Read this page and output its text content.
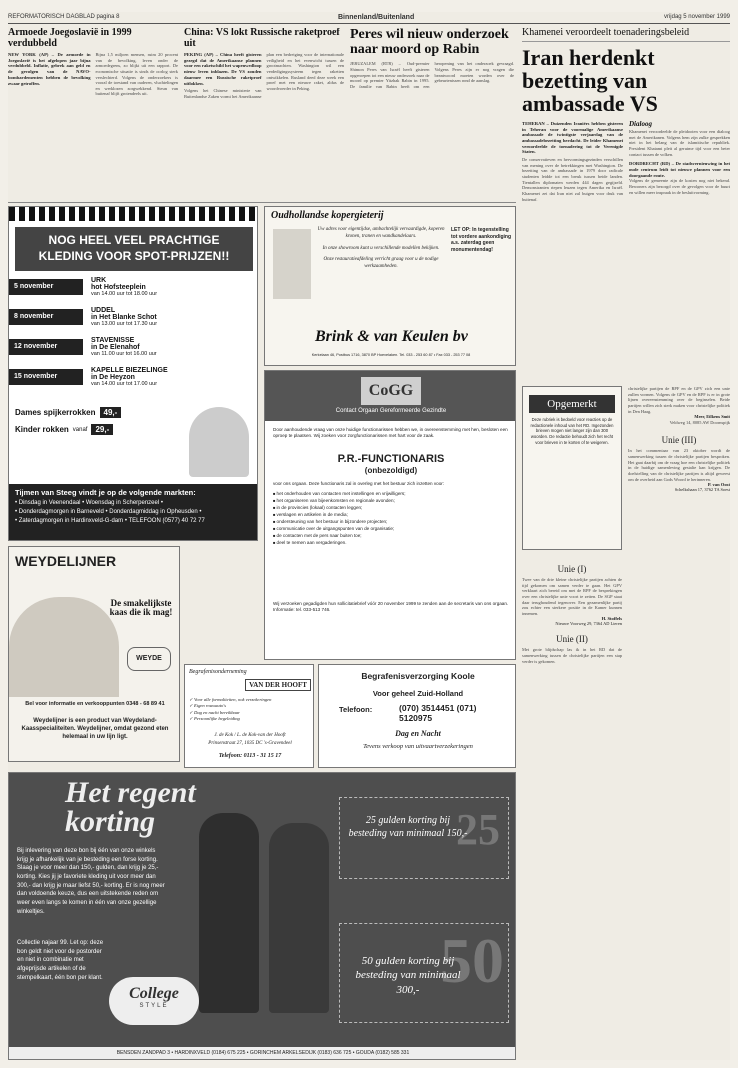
REFORMATORISCH DAGBLAD pagina 8	Binnenland/Buitenland	vrijdag 5 november 1999
Armoede Joegoslavië in 1999 verdubbeld

NEW YORK (AP) – De armoede in Joegoslavië is het afgelopen jaar bijna verdubbeld. Inflatie, gebrek aan geld en de gevolgen van de NAVO-bombardementen hebben de bevolking zwaar getroffen.

Bijna 1,5 miljoen mensen, ruim 20 procent van de bevolking, leven onder de armoedegrens, zo blijkt uit een rapport. De economische situatie is sinds de oorlog sterk verslechterd. Volgens de onderzoekers is vooral de toestand van ouderen, vluchtelingen en werklozen zorgwekkend. Steun van buitenaf blijft grotendeels uit.

China: VS lokt Russische raketproef uit

PEKING (AP) – China heeft gisteren gezegd dat de Amerikaanse plannen voor een raketschild het wapenwedloop nieuw leven inblazen. De VS zouden daarmee een Russische raketproef uitlokken.

Volgens het Chinese ministerie van Buitenlandse Zaken vormt het Amerikaanse plan een bedreiging voor de internationale veiligheid en het evenwicht tussen de grootmachten. Washington wil een verdedigingssysteem tegen raketten ontwikkelen. Rusland deed deze week een proef met een nieuwe raket, aldus de woordvoerder in Peking.

Peres wil nieuw onderzoek naar moord op Rabin

JERUZALEM (RTR) – Oud-premier Shimon Peres van Israël heeft gisteren opgeroepen tot een nieuw onderzoek naar de moord op premier Yitzhak Rabin in 1995. De familie van Rabin heeft om een heropening van het onderzoek gevraagd. Volgens Peres zijn er nog vragen die beantwoord moeten worden over de gebeurtenissen rond de aanslag.

Khamenei veroordeelt toenaderingsbeleid
Iran herdenkt bezetting van ambassade VS

TEHERAN – Duizenden Iraniërs hebben gisteren in Teheran voor de voormalige Amerikaanse ambassade de twintigste verjaardag van de ambassadebezetting herdacht. De leider Khamenei veroordeelde de toenadering tot de Verenigde Staten.

De conservatieven en hervormingsgezinden verschillen van mening over de betrekkingen met Washington. De bezetting van de ambassade in 1979 door radicale studenten leidde tot een breuk tussen beide landen. Tientallen diplomaten werden 444 dagen gegijzeld. Demonstranten riepen leuzen tegen Amerika en Israël. Khamenei zei dat Iran niet zal buigen voor druk van buitenaf.

Dialoog

Khamenei veroordeelde de pleidooien voor een dialoog met de Amerikanen. Volgens hem zijn zulke gesprekken niet in het belang van de islamitische republiek. President Khatami pleit al geruime tijd voor een beter contact tussen de volken.

DORDRECHT (RD) – De stadsvernieuwing in het oude centrum leidt tot nieuwe plannen voor een doorgaande route.

Volgens de gemeente zijn de kosten nog niet bekend. Bewoners zijn bezorgd over de gevolgen voor de buurt en willen meer inspraak in de besluitvorming.

NOG HEEL VEEL PRACHTIGE KLEDING VOOR SPOT-PRIJZEN!!
5 november
URK
hot Hofsteeplein
van 14.00 uur tot 18.00 uur
8 november
UDDEL
in Het Blanke Schot
van 13.00 uur tot 17.30 uur
12 november
STAVENISSE
in De Elenahof
van 11.00 uur tot 16.00 uur
15 november
KAPELLE BIEZELINGE
in De Heyzon
van 14.00 uur tot 17.00 uur
Dames spijkerrokken	49,-
Kinder rokken vanaf	29,-
Tijmen van Steeg vindt je op de volgende markten:
• Dinsdag in Veenendaal • Woensdag in Scherpenzeel •
• Donderdagmorgen in Barneveld • Donderdagmiddag in Opheusden •
• Zaterdagmorgen in Hardinxveld-G-dam • TELEFOON (0577) 40 72 77
Oudhollandse kopergieterij

Uw adres voor eigentijdse, ambachtelijk vervaardigde, koperen kronen, tranen en wandkandelaars.

In onze showroom kunt u verschillende modellen bekijken.

Onze restauratieafdeling verricht graag voor u de nodige werkzaamheden.

LET OP: In tegenstelling tot vordere aankondiging a.s. zaterdag geen monumentendag!
Brink & van Keulen bv
Kerkelaan 46, Postbus 1716, 3870 BP Hoevelaken. Tel. 033 - 253 60 87 • Fax 033 - 253 77 08
CoGG
Contact Orgaan Gereformeerde Gezindte
Door aanhoudende vraag van onze huidige functionarissen hebben we, in overeenstemming met hen, besloten een oproep te plaatsen. Wij zoeken voor zorgfunctionarissen met hart voor de zaak.
P.R.-FUNCTIONARIS
(onbezoldigd)
voor ons orgaan. Deze functionaris zal in overleg met het bestuur zich inzetten voor:
■ het onderhouden van contacten met instellingen en vrijwilligers;
■ het organiseren van bijeenkomsten en regionale avonden;
■ in de provincies (lokaal) contacten leggen;
■ verslagen en artikelen in de media;
■ ondersteuning van het bestuur in bijzondere projecten;
■ communicatie over de uitgangspunten van de organisatie;
■ de contacten met de pers naar buiten toe;
■ deel te nemen aan vergaderingen.
Wij verzoeken gegadigden hun sollicitatiebrief vóór 20 november 1999 te zenden aan de secretaris van ons orgaan. Informatie: tel. 033-513 746.
WEYDELIJNER
De smakelijkste kaas die ik mag!
WEYDE
Bel voor informatie en verkooppunten 0348 - 68 89 41
Weydelijner is een product van Weydeland-Kaasspecialiteiten. Weydelijner, omdat gezond eten helemaal in uw lijn ligt.
Begrafenisonderneming
VAN DER HOOFT
✓ Voor alle formaliteiten, ook verzekeringen
✓ Eigen rouwauto's
✓ Dag en nacht bereikbaar
✓ Persoonlijke begeleiding
J. de Kok / L. de Kok-van der Hooft
Prinsenstraat 27, 1035 DC 's-Gravendeel
Telefoon: 0113 - 31 15 17
Begrafenisverzorging Koole
Voor geheel Zuid-Holland
Telefoon:	(070) 3514451 (071) 5120975
Dag en Nacht
Tevens verkoop van uitvaartverzekeringen
Het regent korting
Bij inlevering van deze bon bij één van onze winkels krijg je afhankelijk van je besteding een forse korting. Slaag je voor meer dan 150,- gulden, dan krijg je 25,- korting. Kies jij je favoriete kleding uit voor meer dan 300,- dan krijg je maar liefst 50,- korting. Er is nog meer dan voldoende keuze, dus een uitstekende reden om weer even langs te komen in één van onze gezellige winkeltjes.
Collectie najaar 99. Let op: deze bon geldt niet voor de postorder en niet in combinatie met afgeprijsde artikelen of de stempelkaart, één bon per klant.
25
25 gulden korting bij besteding van minimaal 150,-
50
50 gulden korting bij besteding van minimaal 300,-
College
STYLE
BENSDEN ZANDPAD 3 • HARDINXVELD (0184) 675 225 • GORINCHEM ARKELSEDIJK (0183) 636 725 • GOUDA (0182) 585 331
Opgemerkt
Deze rubriek is bedoeld voor reacties op de redactionele inhoud van het RD. Ingezonden brieven mogen niet langer zijn dan 300 woorden. De redactie behoudt zich het recht voor brieven in te korten of te weigeren.
Unie (I)

Twee van de drie kleine christelijke partijen achten de tijd gekomen om samen verder te gaan. Het GPV verklaart zich bereid om met de RPF de besprekingen over een christelijke unie voort te zetten. De SGP staat daar terughoudend tegenover. Een gezamenlijke partij zou echter een sterkere positie in de Kamer kunnen innemen.

H. Stoffels

Nieuwe Voorweg 29, 7364 AD Lieren

Unie (II)

Met grote blijdschap las ik in het RD dat de samenwerking tussen de christelijke partijen een stap verder is gekomen.

christelijke partijen de RPF en de GPV zich een unie zullen vormen. Volgens de GPV en de RPF is er in grote lijnen overeenstemming over de beginselen. Beide partijen willen zich sterk maken voor christelijke politiek in Den Haag.

Meer, Eilkens Smit

Veldweg 14, 8085 AW Doornspijk

Unie (III)

In het commentaar van 23 oktober wordt de samenwerking tussen de christelijke partijen besproken. Het gaat daarbij om de vraag hoe een christelijke politiek in de huidige samenleving gestalte kan krijgen. De doelstelling van de christelijke partijen is altijd geweest om de overheid aan Gods Woord te herinneren.

P. van Oost

Schelkshaan 17, 3762 TA Soest
